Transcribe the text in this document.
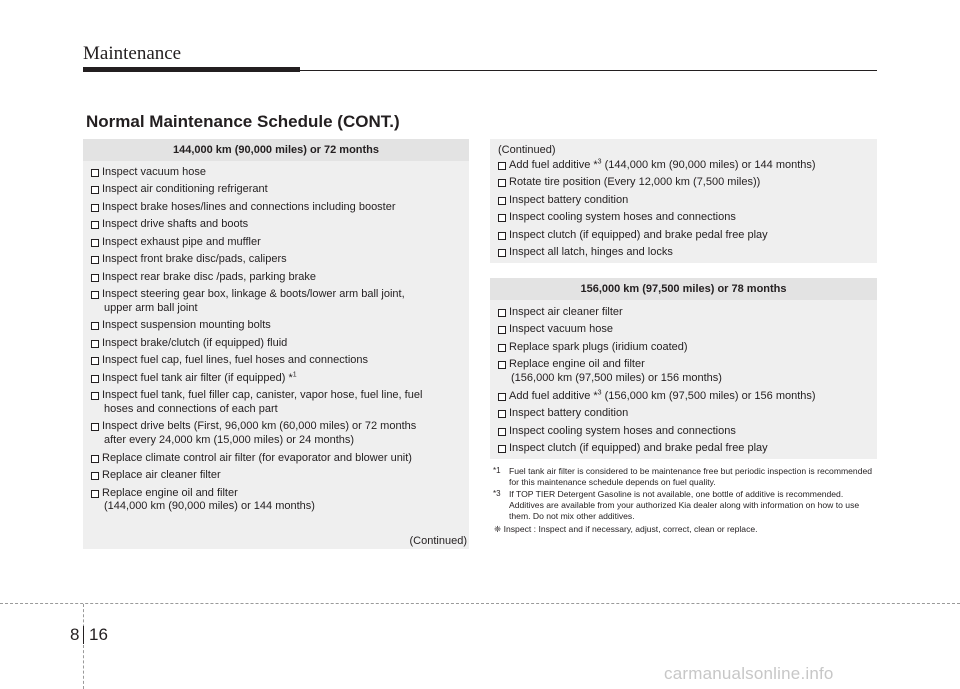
Maintenance
Normal Maintenance Schedule (CONT.)
144,000 km (90,000 miles) or 72 months
Inspect vacuum hose
Inspect air conditioning refrigerant
Inspect brake hoses/lines and connections including booster
Inspect drive shafts and boots
Inspect exhaust pipe and muffler
Inspect front brake disc/pads, calipers
Inspect rear brake disc /pads, parking brake
Inspect steering gear box, linkage & boots/lower arm ball joint,
upper arm ball joint
Inspect suspension mounting bolts
Inspect brake/clutch (if equipped) fluid
Inspect fuel cap, fuel lines, fuel hoses and connections
Inspect fuel tank air filter (if equipped) *$^1$
Inspect fuel tank, fuel filler cap, canister, vapor hose, fuel line, fuel
hoses and connections of each part
Inspect drive belts (First, 96,000 km (60,000 miles) or 72 months
after every 24,000 km (15,000 miles) or 24 months)
Replace climate control air filter (for evaporator and blower unit)
Replace air cleaner filter
Replace engine oil and filter
(144,000 km (90,000 miles) or 144 months)
(Continued)
(Continued)
Add fuel additive *$^3$ (144,000 km (90,000 miles) or 144 months)
Rotate tire position (Every 12,000 km (7,500 miles))
Inspect battery condition
Inspect cooling system hoses and connections
Inspect clutch (if equipped) and brake pedal free play
Inspect all latch, hinges and locks
156,000 km (97,500 miles) or 78 months
Inspect air cleaner filter
Inspect vacuum hose
Replace spark plugs (iridium coated)
Replace engine oil and filter
(156,000 km (97,500 miles) or 156 months)
Add fuel additive *$^3$ (156,000 km (97,500 miles) or 156 months)
Inspect battery condition
Inspect cooling system hoses and connections
Inspect clutch (if equipped) and brake pedal free play
*1 Fuel tank air filter is considered to be maintenance free but periodic inspection is recommended for this maintenance schedule depends on fuel quality.
*3 If TOP TIER Detergent Gasoline is not available, one bottle of additive is recommended. Additives are available from your authorized Kia dealer along with information on how to use them. Do not mix other additives.
❈ Inspect : Inspect and if necessary, adjust, correct, clean or replace.
8 16
carmanualsonline.info
